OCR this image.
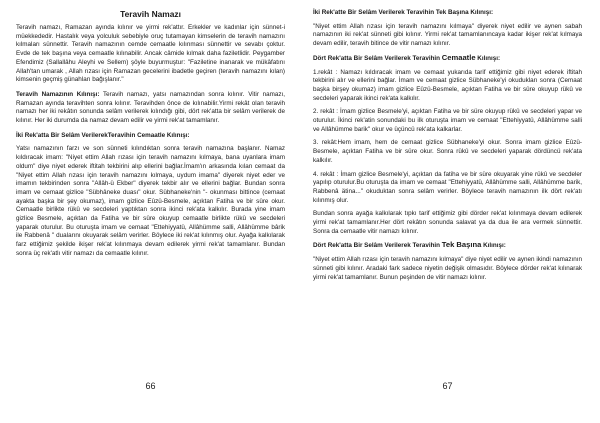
Teravih Namazı

Teravih namazı, Ramazan ayında kılınır ve yirmi rek'attır. Erkekler ve kadınlar için sünnet-i müekkededir. Hastalık veya yolculuk sebebiyle oruç tutamayan kimselerin de teravih namazını kılmaları sünnettir. Teravih namazının cemde cemaatle kılınması sünnettir ve sevabı çoktur. Evde de tek başına veya cemaatle kılınabilir. Ancak câmide kılmak daha faziletlidir. Peygamber Efendimiz (Sallallâhu Aleyhi ve Sellem) şöyle buyurmuştur: "Faziletine inanarak ve mükâfatını Allah'tan umarak , Allah rızası için Ramazan gecelerini ibadetle geçiren (teravih namazını kılan) kimsenin geçmiş günahları bağışlanır."

Teravih Namazının Kılınışı: Teravih namazı, yatsı namazından sonra kılınır. Vitir namazı, Ramazan ayında teravihten sonra kılınır. Teravihden önce de kılınabilir.Yirmi rekât olan teravih namazı her iki rekâtın sonunda selâm verilerek kılındığı gibi, dört rek'atta bir selâm verilerek de kılınır. Her iki durumda da namaz devam edilir ve yirmi rek'at tamamlanır.

İki Rek'atta Bir Selâm VerilerekTeravihin Cemaatle Kılınışı:

Yatsı namazının farzı ve son sünneti kılındıktan sonra teravih namazına başlanır. Namaz kıldıracak imam: "Niyet ettim Allah rızası için teravih namazını kılmaya, bana uyanlara imam oldum" diye niyet ederek iftitah tekbirini alıp ellerini bağlar.İmam'ın arkasında kılan cemaat da "Niyet ettim Allah rızası için teravih namazını kılmaya, uydum imama" diyerek niyet eder ve imamın tekbirinden sonra "Allâh-ü Ekber" diyerek tekbir alır ve ellerini bağlar. Bundan sonra imam ve cemaat gizlice "Sübhâneke duası" okur. Sübhaneke'nin "- okunması bittince (cemaat ayakta başka bir şey okumaz), imam gizlice Eûzü-Besmele, açıktan Fatiha ve bir sûre okur. Cemaatle birlikte rükû ve secdeleri yaptıktan sonra ikinci rek'ata kalkılır. Burada yine imam gizlice Besmele, açıktan da Fatiha ve bir sûre okuyup cemaatle birlikte rükû ve secdeleri yaparak oturulur. Bu oturuşta imam ve cemaat "Ettehiyyatü, Allâhümme salli, Allâhümme bârik ile Rabbenâ " dualarını okuyarak selâm verirler. Böylece iki rek'at kılınmış olur. Ayağa kalkılarak farz ettiğimiz şekilde ikişer rek'at kılınmaya devam edilerek yirmi rek'at tamamlanır. Bundan sonra üç rek'atlı vitir namazı da cemaatle kılınır.

66
İki Rek'atte Bir Selâm Verilerek Teravihin Tek Başına Kılınışı:

"Niyet ettim Allah rızası için teravih namazını kılmaya" diyerek niyet edilir ve aynen sabah namazının iki rek'at sünneti gibi kılınır. Yirmi rek'at tamamlanıncaya kadar ikişer rek'at kılmaya devam edilir, teravih bitince de vitir namazı kılınır.

Dört Rek'atta Bir Selâm Verilerek Teravihin Cemaatle Kılınışı:

1.rekât : Namazı kıldıracak imam ve cemaat yukarıda tarif ettiğimiz gibi niyet ederek iftitah tekbirini alır ve ellerini bağlar. İmam ve cemaat gizlice Sübhaneke'yi okudukları sonra (Cemaat başka birşey okumaz) imam gizlice Eûzü-Besmele, açıktan Fatiha ve bir sûre okuyup rükû ve secdeleri yaparak ikinci rek'ata kalkılır.

2. rekât : İmam gizlice Besmele'yi, açıktan Fatiha ve bir süre okuyup rükû ve secdeleri yapar ve oturulur. İkinci rek'atin sonundaki bu ilk oturuşta imam ve cemaat "Ettehiyyatü, Allâhümme salli ve Allâhümme barik" okur ve üçüncü rek'ata kalkarlar.

3. rekât:Hem imam, hem de cemaat gizlice Sübhaneke'yi okur. Sonra imam gizlice Eûzü-Besmele, açıktan Fatiha ve bir süre okur. Sonra rükû ve secdeleri yaparak dördüncü rek'ata kalkılır.

4. rekât : İmam gizlice Besmele'yi, açıktan da fatiha ve bir süre okuyarak yine rükû ve secdeler yapılıp oturulur.Bu oturuşta da imam ve cemaat "Ettehiyyatü, Allâhümme salli, Allâhümme barik, Rabbenâ ätina..." okuduktan sonra selâm verirler. Böylece teravih namazının ilk dört rek'atı kılınmış olur.

Bundan sonra ayağa kalkılarak tıpkı tarif ettiğimiz gibi dörder rek'at kılınmaya devam edilerek yirmi rek'at tamamlanır.Her dört rekâtın sonunda salavat ya da dua ile ara vermek sünnettir. Sonra da cemaatle vitir namazı kılınır.

Dört Rek'atta Bir Selâm Verilerek Teravihin Tek Başına Kılınışı:

"Niyet ettim Allah rızası için teravih namazını kılmaya" diye niyet edilir ve aynen ikindi namazının sünneti gibi kılınır. Aradaki fark sadece niyetin değişik olmasıdır. Böylece dörder rek'at kılınarak yirmi rek'at tamamlanır. Bunun peşinden de vitir namazı kılınır.

67
